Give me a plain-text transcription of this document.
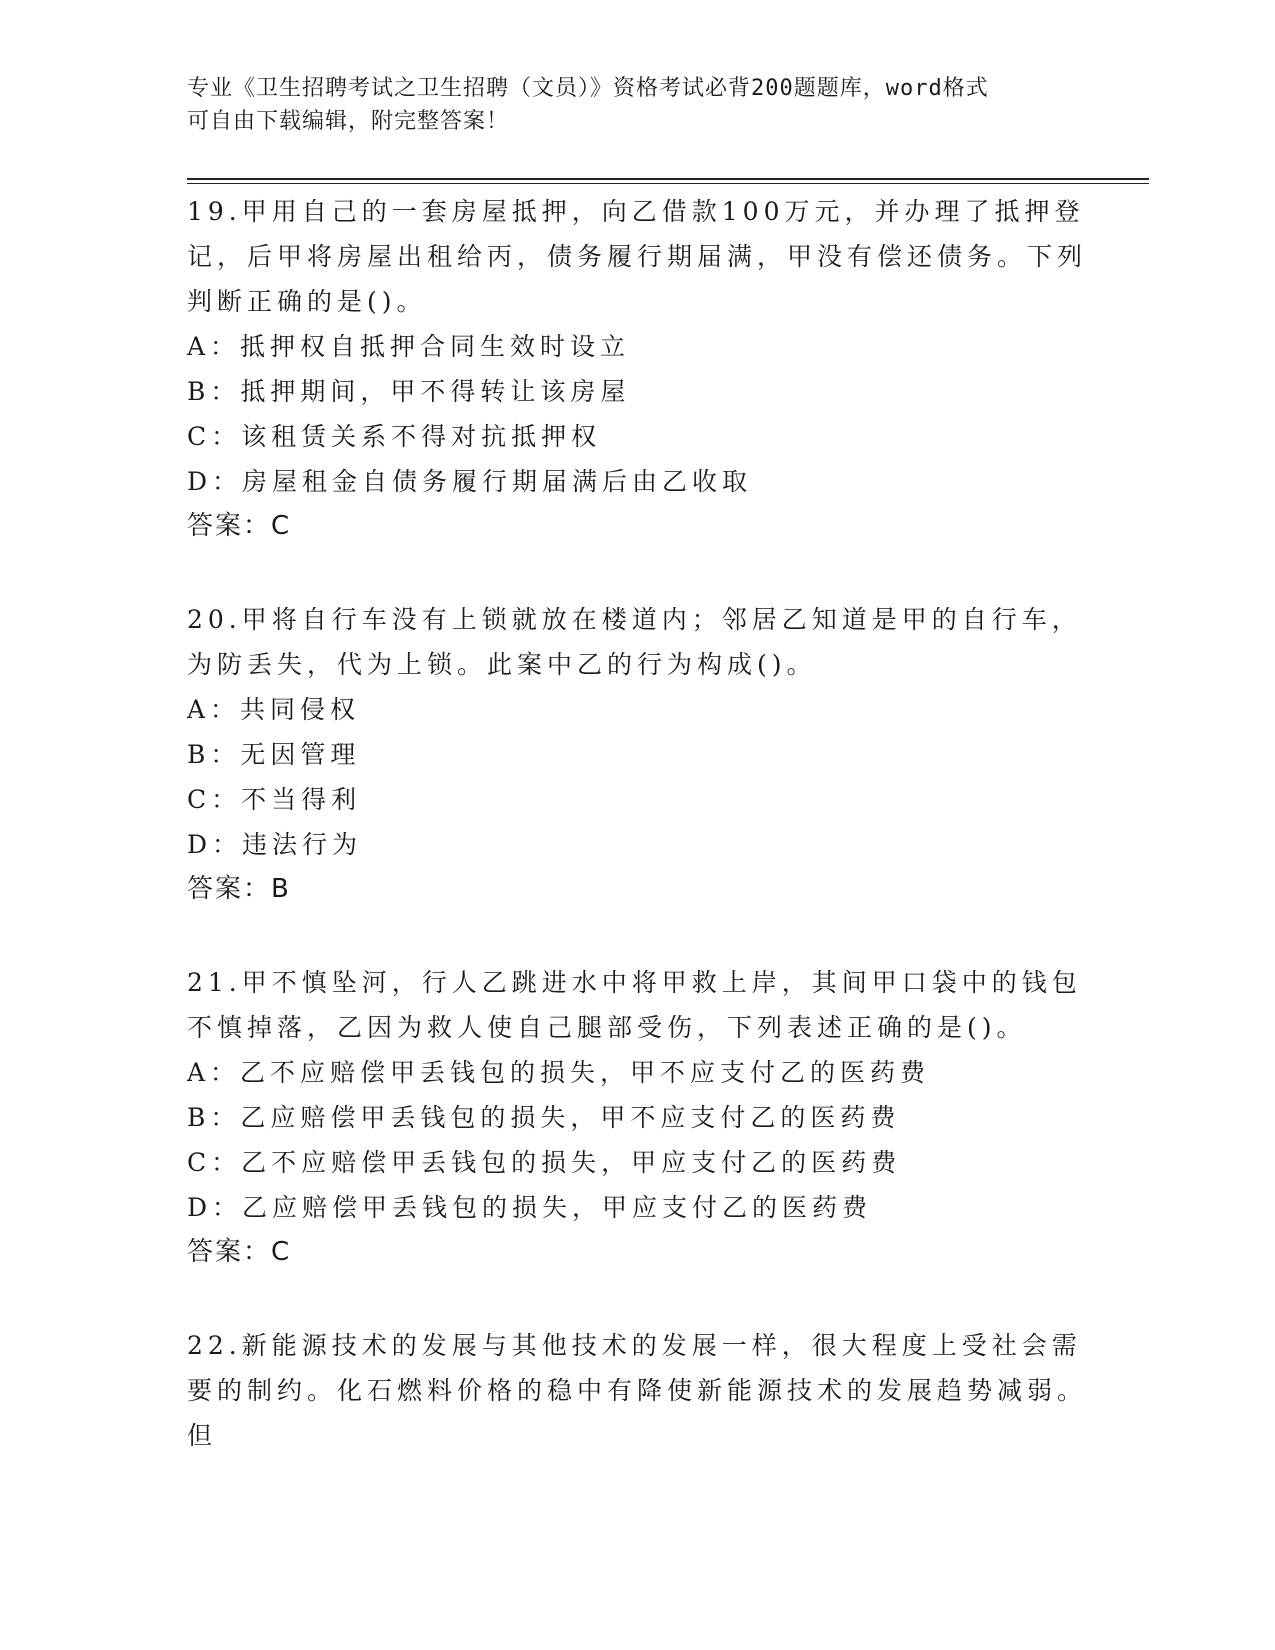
专业《卫生招聘考试之卫生招聘（文员）》资格考试必背200题题库，word格式
可自由下载编辑，附完整答案！
19.甲用自己的一套房屋抵押，向乙借款100万元，并办理了抵押登记，后甲将房屋出租给丙，债务履行期届满，甲没有偿还债务。下列判断正确的是()。
A：抵押权自抵押合同生效时设立
B：抵押期间，甲不得转让该房屋
C：该租赁关系不得对抗抵押权
D：房屋租金自债务履行期届满后由乙收取
答案：C
20.甲将自行车没有上锁就放在楼道内；邻居乙知道是甲的自行车，为防丢失，代为上锁。此案中乙的行为构成()。
A：共同侵权
B：无因管理
C：不当得利
D：违法行为
答案：B
21.甲不慎坠河，行人乙跳进水中将甲救上岸，其间甲口袋中的钱包不慎掉落，乙因为救人使自己腿部受伤，下列表述正确的是()。
A：乙不应赔偿甲丢钱包的损失，甲不应支付乙的医药费
B：乙应赔偿甲丢钱包的损失，甲不应支付乙的医药费
C：乙不应赔偿甲丢钱包的损失，甲应支付乙的医药费
D：乙应赔偿甲丢钱包的损失，甲应支付乙的医药费
答案：C
22.新能源技术的发展与其他技术的发展一样，很大程度上受社会需要的制约。化石燃料价格的稳中有降使新能源技术的发展趋势减弱。但
